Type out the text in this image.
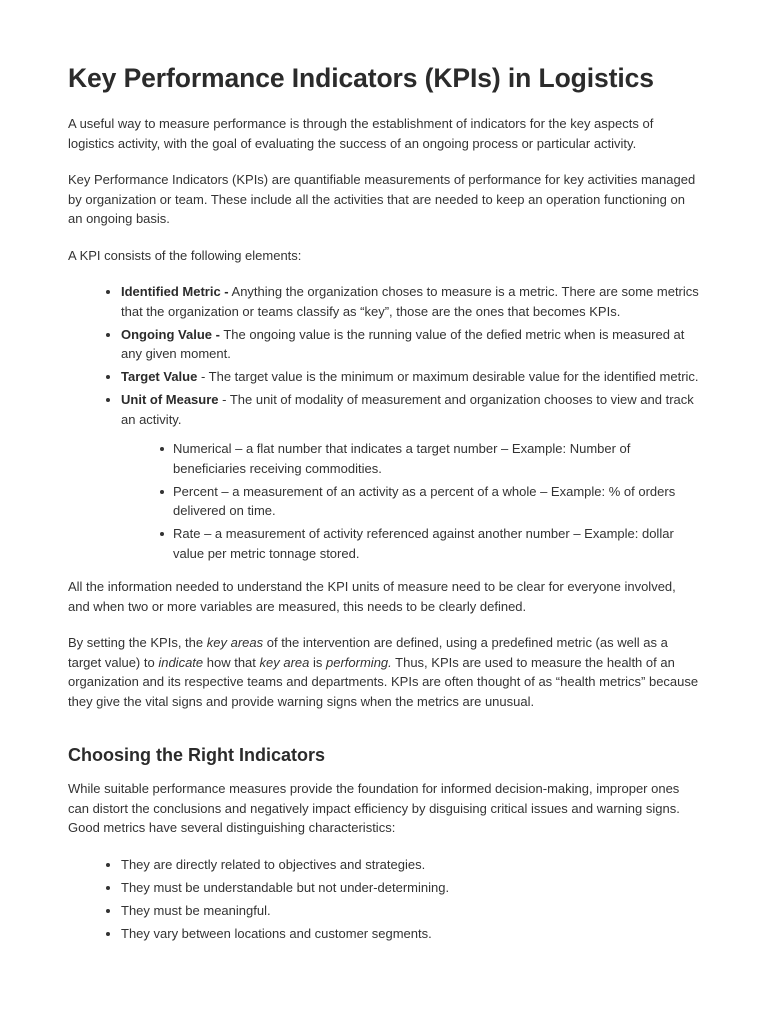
Key Performance Indicators (KPIs) in Logistics

A useful way to measure performance is through the establishment of indicators for the key aspects of logistics activity, with the goal of evaluating the success of an ongoing process or particular activity.

Key Performance Indicators (KPIs) are quantifiable measurements of performance for key activities managed by organization or team. These include all the activities that are needed to keep an operation functioning on an ongoing basis.

A KPI consists of the following elements:

Identified Metric - Anything the organization choses to measure is a metric. There are some metrics that the organization or teams classify as “key”, those are the ones that becomes KPIs.
Ongoing Value - The ongoing value is the running value of the defied metric when is measured at any given moment.
Target Value - The target value is the minimum or maximum desirable value for the identified metric.
Unit of Measure - The unit of modality of measurement and organization chooses to view and track an activity.
Numerical – a flat number that indicates a target number – Example: Number of beneficiaries receiving commodities.
Percent – a measurement of an activity as a percent of a whole – Example: % of orders delivered on time.
Rate – a measurement of activity referenced against another number – Example: dollar value per metric tonnage stored.

All the information needed to understand the KPI units of measure need to be clear for everyone involved, and when two or more variables are measured, this needs to be clearly defined.

By setting the KPIs, the key areas of the intervention are defined, using a predefined metric (as well as a target value) to indicate how that key area is performing. Thus, KPIs are used to measure the health of an organization and its respective teams and departments. KPIs are often thought of as “health metrics” because they give the vital signs and provide warning signs when the metrics are unusual.

Choosing the Right Indicators

While suitable performance measures provide the foundation for informed decision-making, improper ones can distort the conclusions and negatively impact efficiency by disguising critical issues and warning signs. Good metrics have several distinguishing characteristics:

They are directly related to objectives and strategies.
They must be understandable but not under-determining.
They must be meaningful.
They vary between locations and customer segments.
